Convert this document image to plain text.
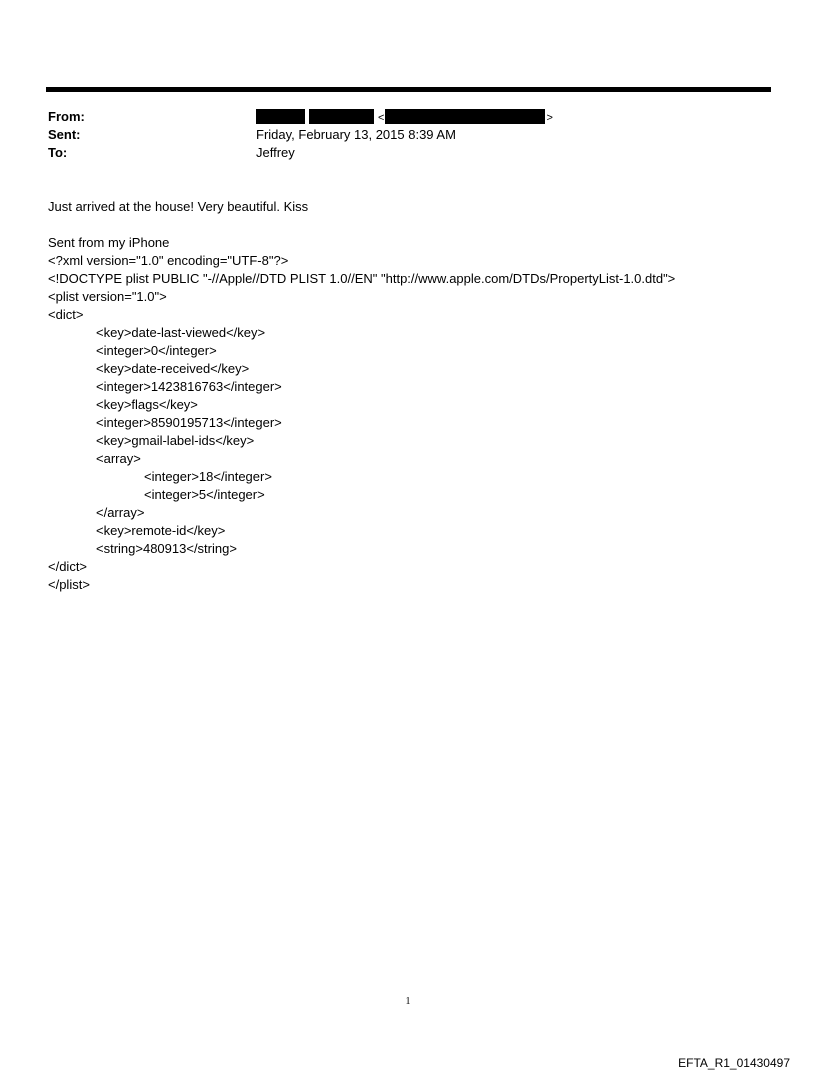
From:	<	>
Sent:	Friday, February 13, 2015 8:39 AM
To:	Jeffrey
Just arrived at the house! Very beautiful. Kiss
Sent from my iPhone
<?xml version="1.0" encoding="UTF-8"?>
<!DOCTYPE plist PUBLIC "-//Apple//DTD PLIST 1.0//EN" "http://www.apple.com/DTDs/PropertyList-1.0.dtd">
<plist version="1.0">
<dict>
<key>date-last-viewed</key>
<integer>0</integer>
<key>date-received</key>
<integer>1423816763</integer>
<key>flags</key>
<integer>8590195713</integer>
<key>gmail-label-ids</key>
<array>
<integer>18</integer>
<integer>5</integer>
</array>
<key>remote-id</key>
<string>480913</string>
</dict>
</plist>
1
EFTA_R1_01430497
